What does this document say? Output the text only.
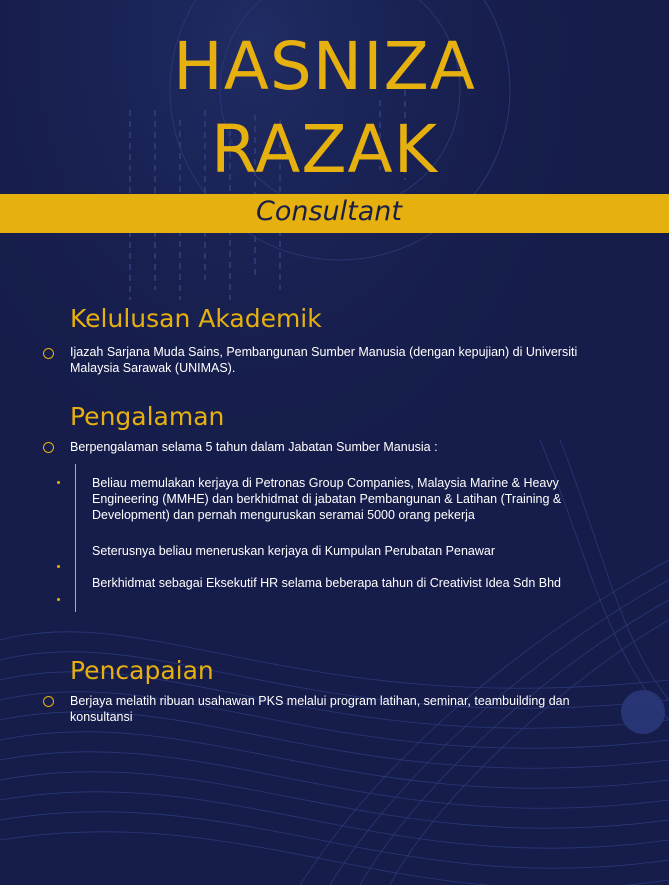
HASNIZA
RAZAK
Consultant
Kelulusan Akademik
Ijazah Sarjana Muda Sains, Pembangunan Sumber Manusia (dengan kepujian) di Universiti Malaysia Sarawak (UNIMAS).
Pengalaman
Berpengalaman selama 5 tahun dalam Jabatan Sumber Manusia :
Beliau memulakan kerjaya di Petronas Group Companies, Malaysia Marine & Heavy Engineering (MMHE) dan berkhidmat di jabatan Pembangunan & Latihan (Training & Development) dan pernah menguruskan seramai 5000 orang pekerja
Seterusnya beliau meneruskan kerjaya di Kumpulan Perubatan Penawar
Berkhidmat sebagai Eksekutif HR selama beberapa tahun di Creativist Idea Sdn Bhd
Pencapaian
Berjaya melatih ribuan usahawan PKS melalui program latihan, seminar, teambuilding dan konsultansi
